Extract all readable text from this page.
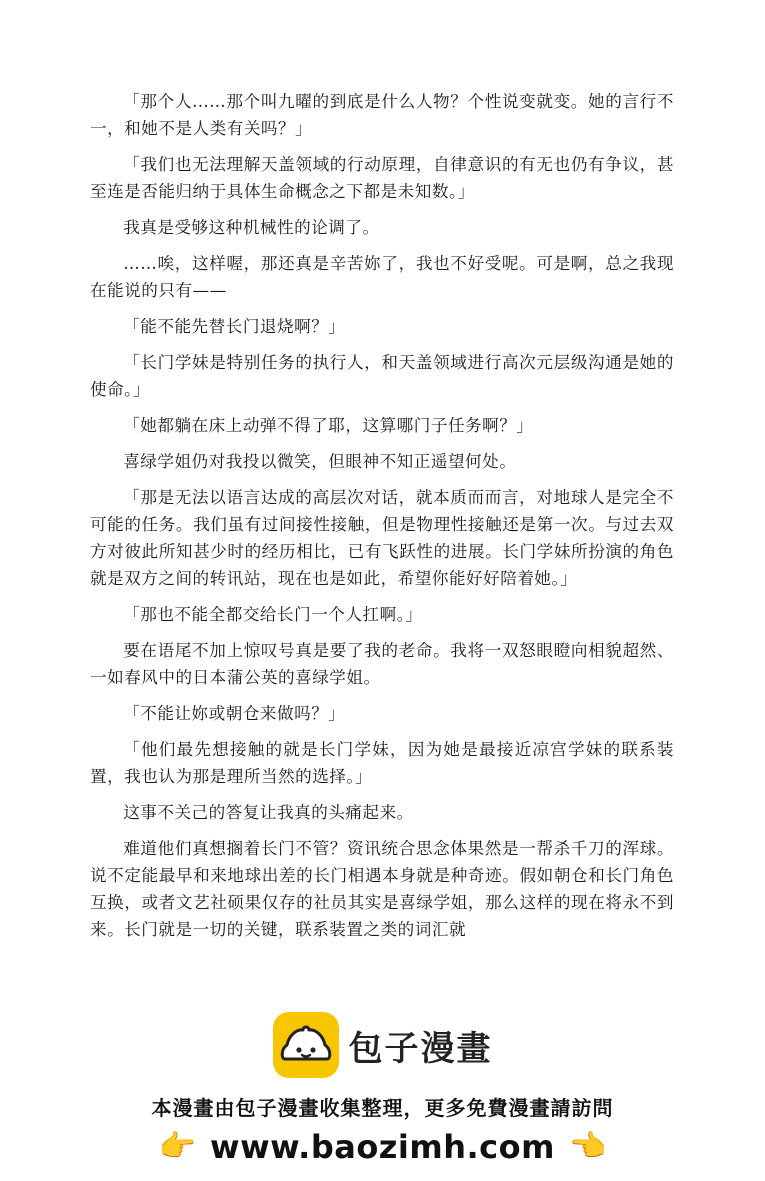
「那个人……那个叫九曜的到底是什么人物？个性说变就变。她的言行不一，和她不是人类有关吗？」

「我们也无法理解天盖领域的行动原理，自律意识的有无也仍有争议，甚至连是否能归纳于具体生命概念之下都是未知数。」

我真是受够这种机械性的论调了。

……唉，这样喔，那还真是辛苦妳了，我也不好受呢。可是啊，总之我现在能说的只有——

「能不能先替长门退烧啊？」

「长门学妹是特别任务的执行人，和天盖领域进行高次元层级沟通是她的使命。」

「她都躺在床上动弹不得了耶，这算哪门子任务啊？」

喜绿学姐仍对我投以微笑，但眼神不知正遥望何处。

「那是无法以语言达成的高层次对话，就本质而而言，对地球人是完全不可能的任务。我们虽有过间接性接触，但是物理性接触还是第一次。与过去双方对彼此所知甚少时的经历相比，已有飞跃性的进展。长门学妹所扮演的角色就是双方之间的转讯站，现在也是如此，希望你能好好陪着她。」

「那也不能全都交给长门一个人扛啊。」

要在语尾不加上惊叹号真是要了我的老命。我将一双怒眼瞪向相貌超然、一如春风中的日本蒲公英的喜绿学姐。

「不能让妳或朝仓来做吗？」

「他们最先想接触的就是长门学妹，因为她是最接近凉宫学妹的联系装置，我也认为那是理所当然的选择。」

这事不关己的答复让我真的头痛起来。

难道他们真想搁着长门不管？资讯统合思念体果然是一帮杀千刀的浑球。说不定能最早和来地球出差的长门相遇本身就是种奇迹。假如朝仓和长门角色互换，或者文艺社硕果仅存的社员其实是喜绿学姐，那么这样的现在将永不到来。长门就是一切的关键，联系装置之类的词汇就

包子漫畫
本漫畫由包子漫畫收集整理，更多免費漫畫請訪問
👉 www.baozimh.com 👈
